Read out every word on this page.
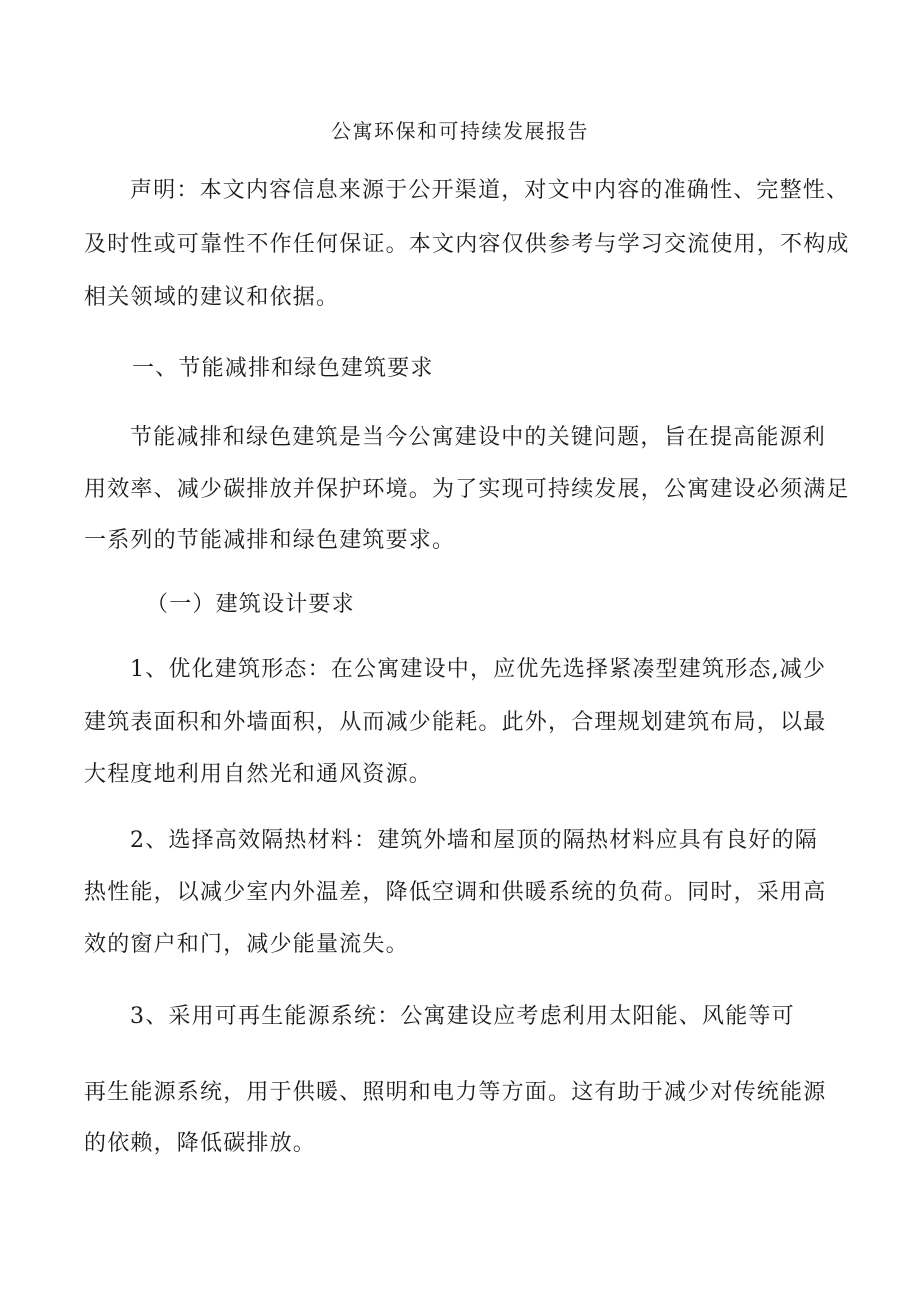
公寓环保和可持续发展报告
声明：本文内容信息来源于公开渠道，对文中内容的准确性、完整性、
及时性或可靠性不作任何保证。本文内容仅供参考与学习交流使用，不构成
相关领域的建议和依据。
一、节能减排和绿色建筑要求
节能减排和绿色建筑是当今公寓建设中的关键问题，旨在提高能源利
用效率、减少碳排放并保护环境。为了实现可持续发展，公寓建设必须满足
一系列的节能减排和绿色建筑要求。
（一）建筑设计要求
1、优化建筑形态：在公寓建设中，应优先选择紧凑型建筑形态,减少
建筑表面积和外墙面积，从而减少能耗。此外，合理规划建筑布局，以最
大程度地利用自然光和通风资源。
2、选择高效隔热材料：建筑外墙和屋顶的隔热材料应具有良好的隔
热性能，以减少室内外温差，降低空调和供暖系统的负荷。同时，采用高
效的窗户和门，减少能量流失。
3、采用可再生能源系统：公寓建设应考虑利用太阳能、风能等可
再生能源系统，用于供暖、照明和电力等方面。这有助于减少对传统能源
的依赖，降低碳排放。
